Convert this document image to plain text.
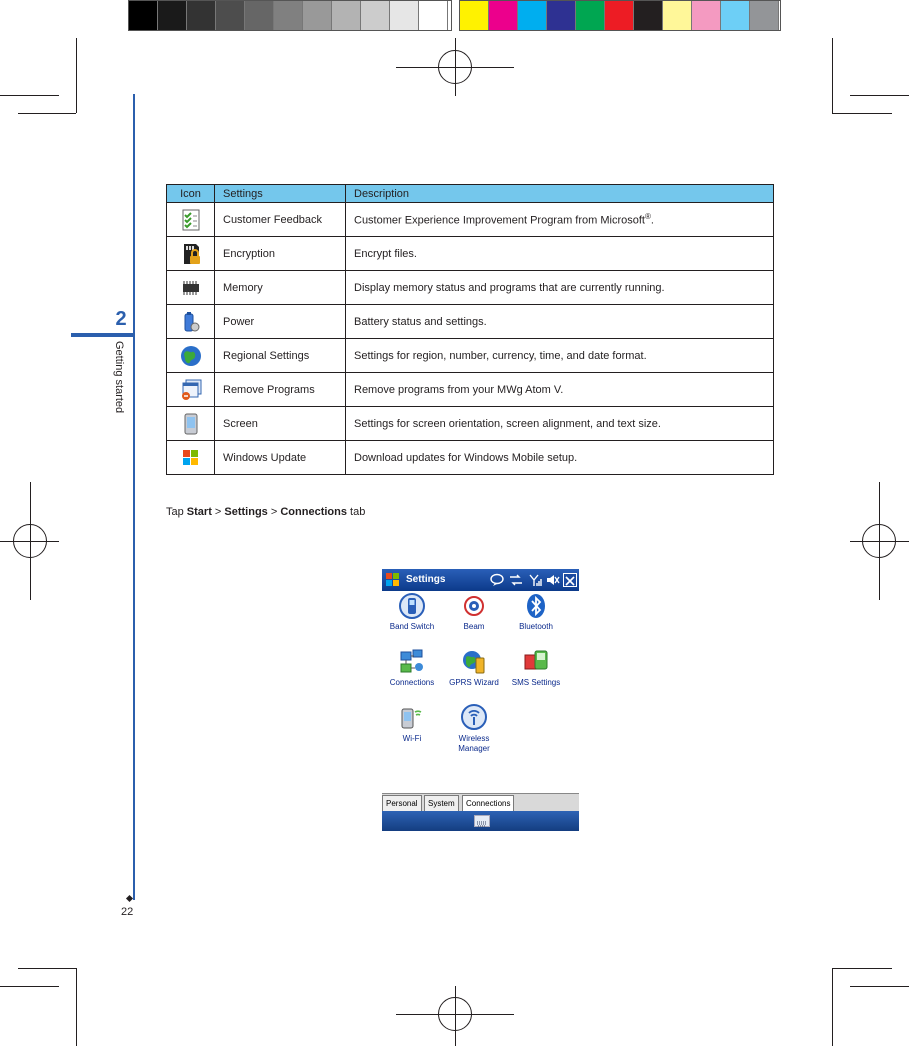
2
Getting started
22
Icon	Settings	Description
	Customer Feedback	Customer Experience Improvement Program from Microsoft®.
	Encryption	Encrypt files.
	Memory	Display memory status and programs that are currently running.
	Power	Battery status and settings.
	Regional Settings	Settings for region, number, currency, time, and date format.
	Remove Programs	Remove programs from your MWg Atom V.
	Screen	Settings for screen orientation, screen alignment, and text size.
	Windows Update	Download updates for Windows Mobile setup.
Tap Start > Settings > Connections tab
Settings
Band Switch	Beam	Bluetooth
Connections	GPRS Wizard	SMS Settings
Wi-Fi	Wireless Manager
Personal	System	Connections
